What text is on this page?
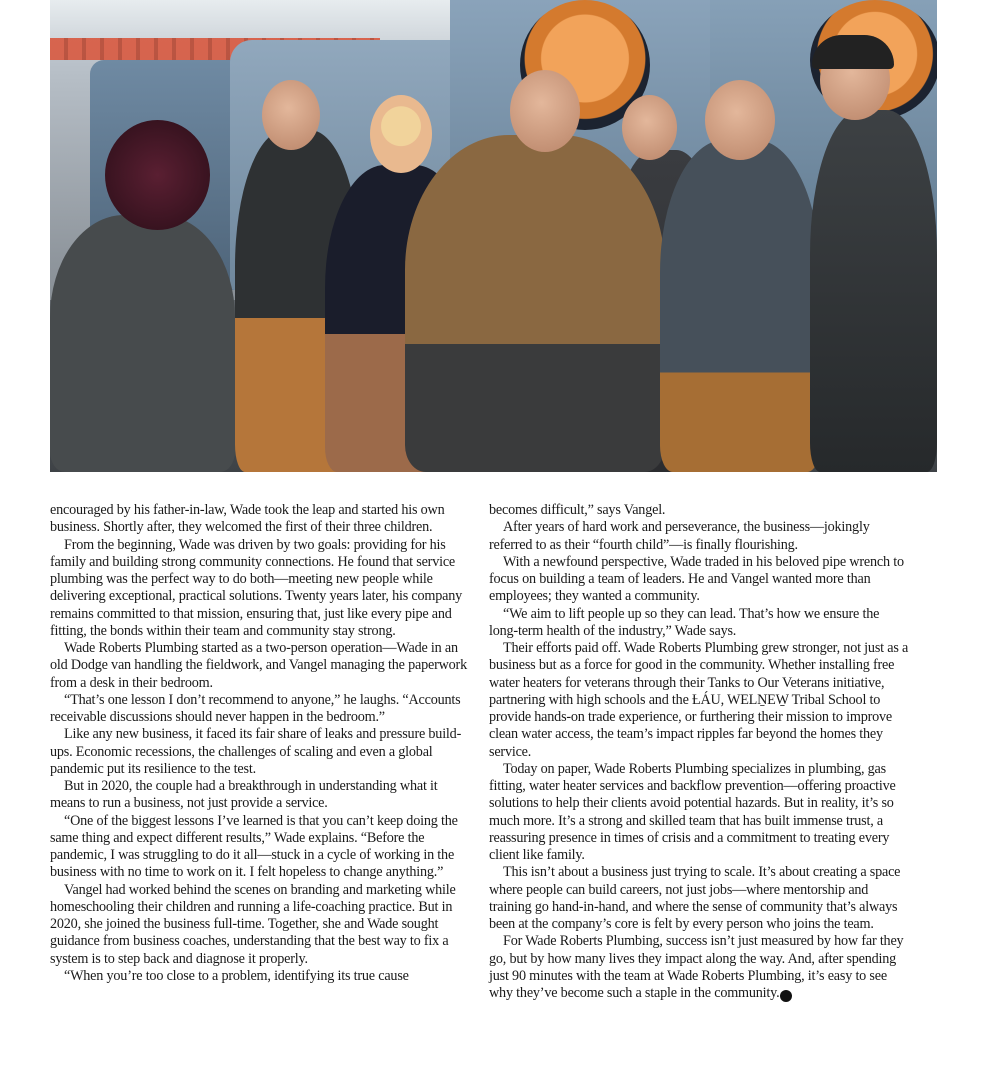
encouraged by his father-in-law, Wade took the leap and started his own business. Shortly after, they welcomed the first of their three children.

From the beginning, Wade was driven by two goals: providing for his family and building strong community connections. He found that service plumbing was the perfect way to do both—meeting new people while delivering exceptional, practical solutions. Twenty years later, his company remains committed to that mission, ensuring that, just like every pipe and fitting, the bonds within their team and community stay strong.

Wade Roberts Plumbing started as a two-person operation—Wade in an old Dodge van handling the fieldwork, and Vangel managing the paperwork from a desk in their bedroom.

“That’s one lesson I don’t recommend to anyone,” he laughs. “Accounts receivable discussions should never happen in the bedroom.”

Like any new business, it faced its fair share of leaks and pressure build-ups. Economic recessions, the challenges of scaling and even a global pandemic put its resilience to the test.

But in 2020, the couple had a breakthrough in understanding what it means to run a business, not just provide a service.

“One of the biggest lessons I’ve learned is that you can’t keep doing the same thing and expect different results,” Wade explains. “Before the pandemic, I was struggling to do it all—stuck in a cycle of working in the business with no time to work on it. I felt hopeless to change anything.”

Vangel had worked behind the scenes on branding and marketing while homeschooling their children and running a life-coaching practice. But in 2020, she joined the business full-time. Together, she and Wade sought guidance from business coaches, understanding that the best way to fix a system is to step back and diagnose it properly.

“When you’re too close to a problem, identifying its true cause

becomes difficult,” says Vangel.

After years of hard work and perseverance, the business—jokingly referred to as their “fourth child”—is finally flourishing.

With a newfound perspective, Wade traded in his beloved pipe wrench to focus on building a team of leaders. He and Vangel wanted more than employees; they wanted a community.

“We aim to lift people up so they can lead. That’s how we ensure the long-term health of the industry,” Wade says.

Their efforts paid off. Wade Roberts Plumbing grew stronger, not just as a business but as a force for good in the community. Whether installing free water heaters for veterans through their Tanks to Our Veterans initiative, partnering with high schools and the ȽÁU, WELṈEW̱ Tribal School to provide hands-on trade experience, or furthering their mission to improve clean water access, the team’s impact ripples far beyond the homes they service.

Today on paper, Wade Roberts Plumbing specializes in plumbing, gas fitting, water heater services and backflow prevention—offering proactive solutions to help their clients avoid potential hazards. But in reality, it’s so much more. It’s a strong and skilled team that has built immense trust, a reassuring presence in times of crisis and a commitment to treating every client like family.

This isn’t about a business just trying to scale. It’s about creating a space where people can build careers, not just jobs—where mentorship and training go hand-in-hand, and where the sense of community that’s always been at the company’s core is felt by every person who joins the team.

For Wade Roberts Plumbing, success isn’t just measured by how far they go, but by how many lives they impact along the way. And, after spending just 90 minutes with the team at Wade Roberts Plumbing, it’s easy to see why they’ve become such a staple in the community. B
